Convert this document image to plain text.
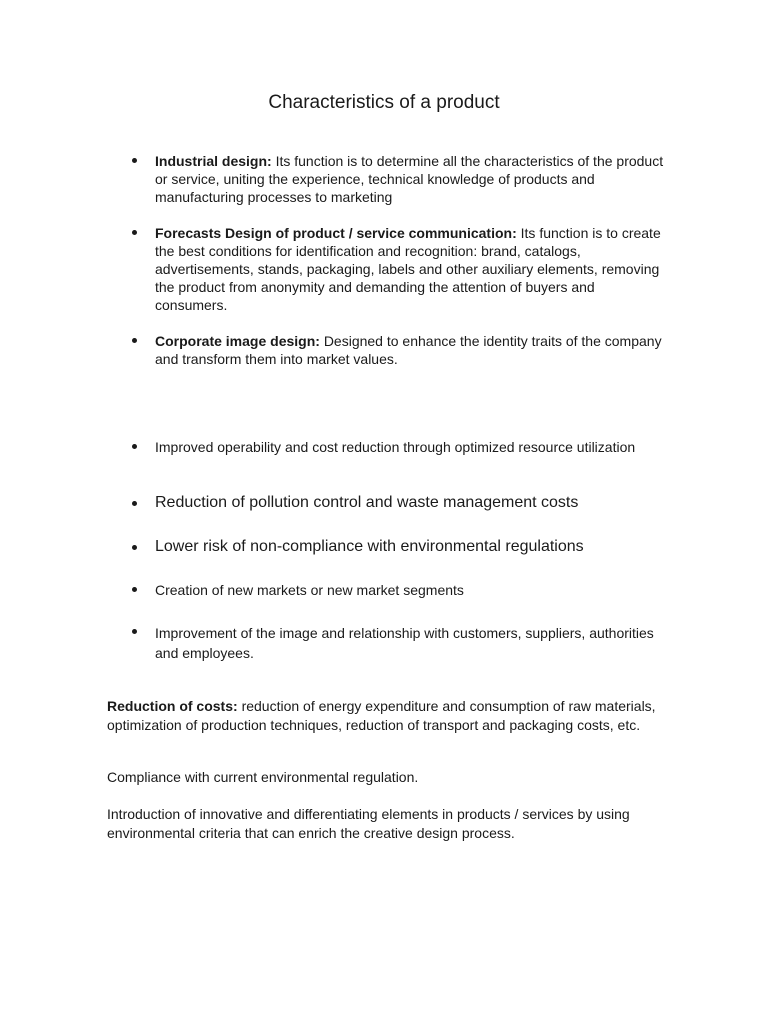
Characteristics of a product
Industrial design: Its function is to determine all the characteristics of the product or service, uniting the experience, technical knowledge of products and manufacturing processes to marketing
Forecasts Design of product / service communication: Its function is to create the best conditions for identification and recognition: brand, catalogs, advertisements, stands, packaging, labels and other auxiliary elements, removing the product from anonymity and demanding the attention of buyers and consumers.
Corporate image design: Designed to enhance the identity traits of the company and transform them into market values.
Improved operability and cost reduction through optimized resource utilization
Reduction of pollution control and waste management costs
Lower risk of non-compliance with environmental regulations
Creation of new markets or new market segments
Improvement of the image and relationship with customers, suppliers, authorities and employees.

Reduction of costs: reduction of energy expenditure and consumption of raw materials, optimization of production techniques, reduction of transport and packaging costs, etc.

Compliance with current environmental regulation.

Introduction of innovative and differentiating elements in products / services by using environmental criteria that can enrich the creative design process.
